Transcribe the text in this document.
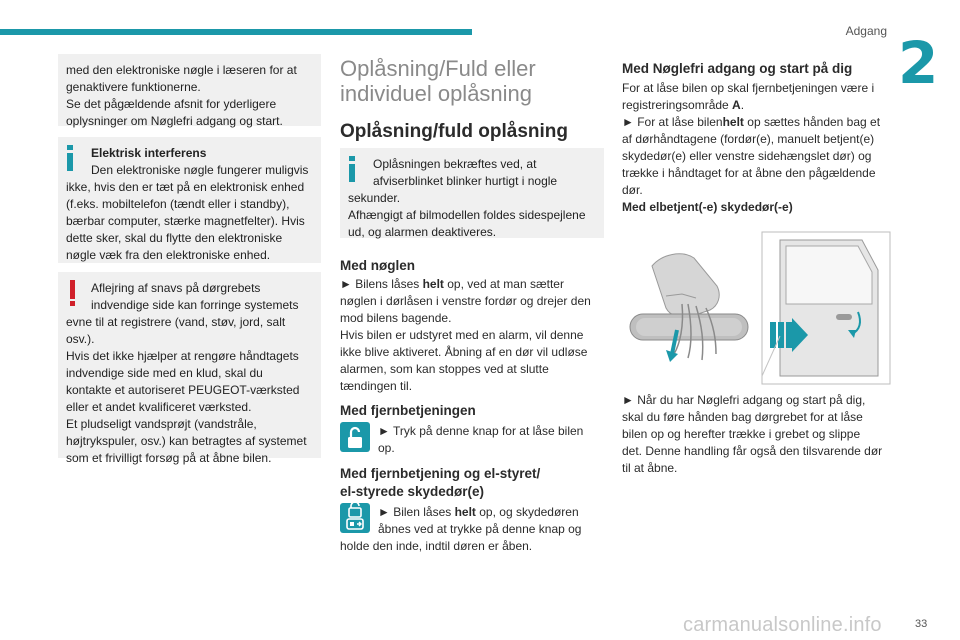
Adgang 2

med den elektroniske nøgle i læseren for at

genaktivere funktionerne.

Se det pågældende afsnit for yderligere

oplysninger om Nøglefri adgang og start.

Elektrisk interferens

Den elektroniske nøgle fungerer muligvis

ikke, hvis den er tæt på en elektronisk enhed

(f.eks. mobiltelefon (tændt eller i standby),

bærbar computer, stærke magnetfelter). Hvis

dette sker, skal du flytte den elektroniske

nøgle væk fra den elektroniske enhed.

Aflejring af snavs på dørgrebets

indvendige side kan forringe systemets

evne til at registrere (vand, støv, jord, salt

osv.).

Hvis det ikke hjælper at rengøre håndtagets

indvendige side med en klud, skal du

kontakte et autoriseret PEUGEOT-værksted

eller et andet kvalificeret værksted.

Et pludseligt vandsprøjt (vandstråle,

højtrykspuler, osv.) kan betragtes af systemet

som et frivilligt forsøg på at åbne bilen.

Oplåsning/Fuld eller
individuel oplåsning
Oplåsning/fuld oplåsning

Oplåsningen bekræftes ved, at

afviserblinket blinker hurtigt i nogle

sekunder.

Afhængigt af bilmodellen foldes sidespejlene

ud, og alarmen deaktiveres.

Med nøglen
► Bilens låses helt op, ved at man sætter
nøglen i dørlåsen i venstre fordør og drejer den
mod bilens bagende.
Hvis bilen er udstyret med en alarm, vil denne
ikke blive aktiveret. Åbning af en dør vil udløse
alarmen, som kan stoppes ved at slutte
tændingen til.
Med fjernbetjeningen
► Tryk på denne knap for at låse bilen
op.
Med fjernbetjening og el-styret/
el-styrede skydedør(e)
► Bilen låses helt op, og skydedøren
åbnes ved at trykke på denne knap og
holde den inde, indtil døren er åben.
Med Nøglefri adgang og start på dig
For at låse bilen op skal fjernbetjeningen være i
registreringsområde A.
► For at låse bilenhelt op sættes hånden bag et
af dørhåndtagene (fordør(e), manuelt betjent(e)
skydedør(e) eller venstre sidehængslet dør) og
trække i håndtaget for at åbne den pågældende
dør.
Med elbetjent(-e) skydedør(-e)
► Når du har Nøglefri adgang og start på dig,
skal du føre hånden bag dørgrebet for at låse
bilen op og herefter trække i grebet og slippe
det. Denne handling får også den tilsvarende dør
til at åbne.
carmanualsonline.info	33
